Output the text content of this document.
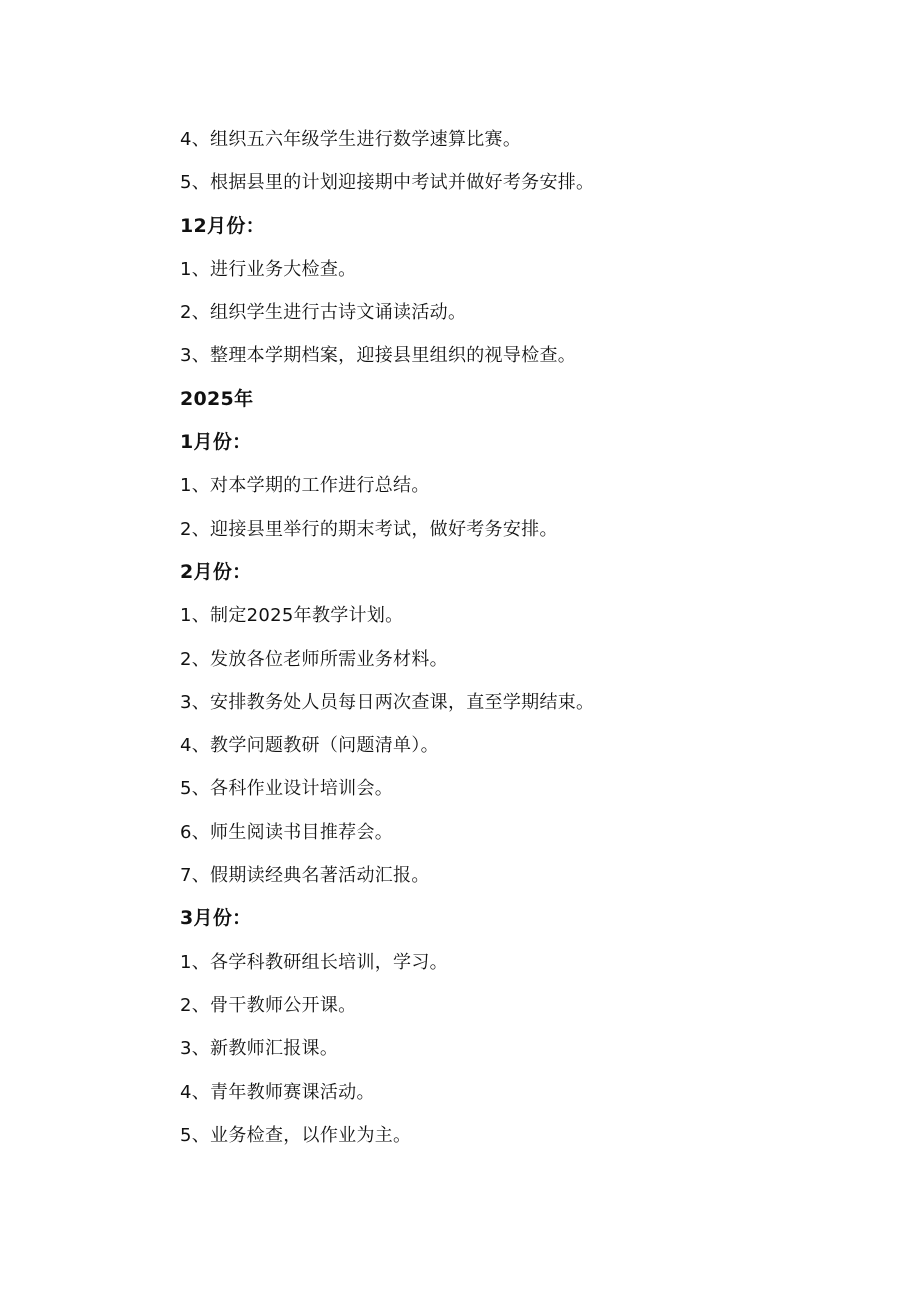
4、组织五六年级学生进行数学速算比赛。
5、根据县里的计划迎接期中考试并做好考务安排。
12月份：
1、进行业务大检查。
2、组织学生进行古诗文诵读活动。
3、整理本学期档案，迎接县里组织的视导检查。
2025年
1月份：
1、对本学期的工作进行总结。
2、迎接县里举行的期末考试，做好考务安排。
2月份：
1、制定2025年教学计划。
2、发放各位老师所需业务材料。
3、安排教务处人员每日两次查课，直至学期结束。
4、教学问题教研（问题清单）。
5、各科作业设计培训会。
6、师生阅读书目推荐会。
7、假期读经典名著活动汇报。
3月份：
1、各学科教研组长培训，学习。
2、骨干教师公开课。
3、新教师汇报课。
4、青年教师赛课活动。
5、业务检查，以作业为主。
